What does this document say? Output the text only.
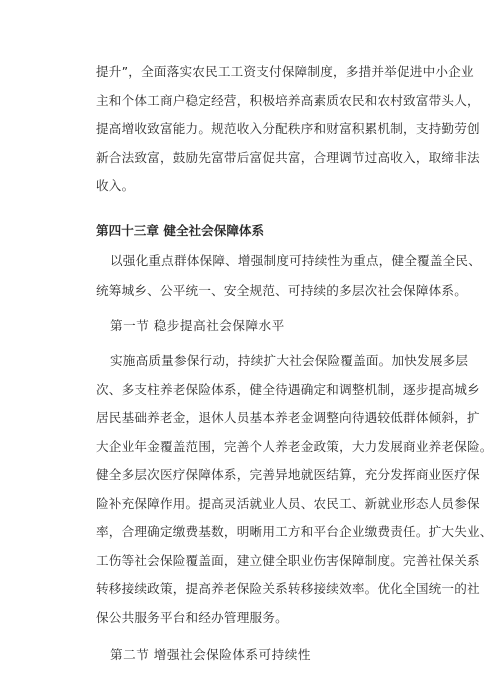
提升”，全面落实农民工工资支付保障制度，多措并举促进中小企业
主和个体工商户稳定经营，积极培养高素质农民和农村致富带头人，
提高增收致富能力。规范收入分配秩序和财富积累机制，支持勤劳创
新合法致富，鼓励先富带后富促共富，合理调节过高收入，取缔非法
收入。
第四十三章 健全社会保障体系
以强化重点群体保障、增强制度可持续性为重点，健全覆盖全民、
统筹城乡、公平统一、安全规范、可持续的多层次社会保障体系。
第一节 稳步提高社会保障水平
实施高质量参保行动，持续扩大社会保险覆盖面。加快发展多层
次、多支柱养老保险体系，健全待遇确定和调整机制，逐步提高城乡
居民基础养老金，退休人员基本养老金调整向待遇较低群体倾斜，扩
大企业年金覆盖范围，完善个人养老金政策，大力发展商业养老保险。
健全多层次医疗保障体系，完善异地就医结算，充分发挥商业医疗保
险补充保障作用。提高灵活就业人员、农民工、新就业形态人员参保
率，合理确定缴费基数，明晰用工方和平台企业缴费责任。扩大失业、
工伤等社会保险覆盖面，建立健全职业伤害保障制度。完善社保关系
转移接续政策，提高养老保险关系转移接续效率。优化全国统一的社
保公共服务平台和经办管理服务。
第二节 增强社会保险体系可持续性
